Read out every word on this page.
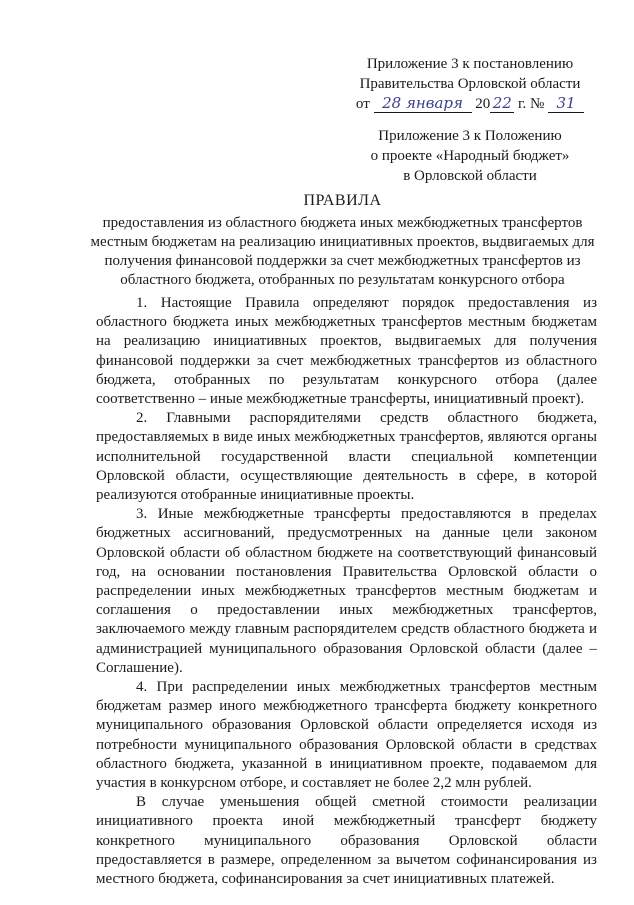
Приложение 3 к постановлению
Правительства Орловской области
от 28 января 20 22 г. № 31
Приложение 3 к Положению
о проекте «Народный бюджет»
в Орловской области

ПРАВИЛА

предоставления из областного бюджета иных межбюджетных трансфертов местным бюджетам на реализацию инициативных проектов, выдвигаемых для получения финансовой поддержки за счет межбюджетных трансфертов из областного бюджета, отобранных по результатам конкурсного отбора

1. Настоящие Правила определяют порядок предоставления из областного бюджета иных межбюджетных трансфертов местным бюджетам на реализацию инициативных проектов, выдвигаемых для получения финансовой поддержки за счет межбюджетных трансфертов из областного бюджета, отобранных по результатам конкурсного отбора (далее соответственно – иные межбюджетные трансферты, инициативный проект).

2. Главными распорядителями средств областного бюджета, предоставляемых в виде иных межбюджетных трансфертов, являются органы исполнительной государственной власти специальной компетенции Орловской области, осуществляющие деятельность в сфере, в которой реализуются отобранные инициативные проекты.

3. Иные межбюджетные трансферты предоставляются в пределах бюджетных ассигнований, предусмотренных на данные цели законом Орловской области об областном бюджете на соответствующий финансовый год, на основании постановления Правительства Орловской области о распределении иных межбюджетных трансфертов местным бюджетам и соглашения о предоставлении иных межбюджетных трансфертов, заключаемого между главным распорядителем средств областного бюджета и администрацией муниципального образования Орловской области (далее – Соглашение).

4. При распределении иных межбюджетных трансфертов местным бюджетам размер иного межбюджетного трансферта бюджету конкретного муниципального образования Орловской области определяется исходя из потребности муниципального образования Орловской области в средствах областного бюджета, указанной в инициативном проекте, подаваемом для участия в конкурсном отборе, и составляет не более 2,2 млн рублей.

В случае уменьшения общей сметной стоимости реализации инициативного проекта иной межбюджетный трансферт бюджету конкретного муниципального образования Орловской области предоставляется в размере, определенном за вычетом софинансирования из местного бюджета, софинансирования за счет инициативных платежей.
